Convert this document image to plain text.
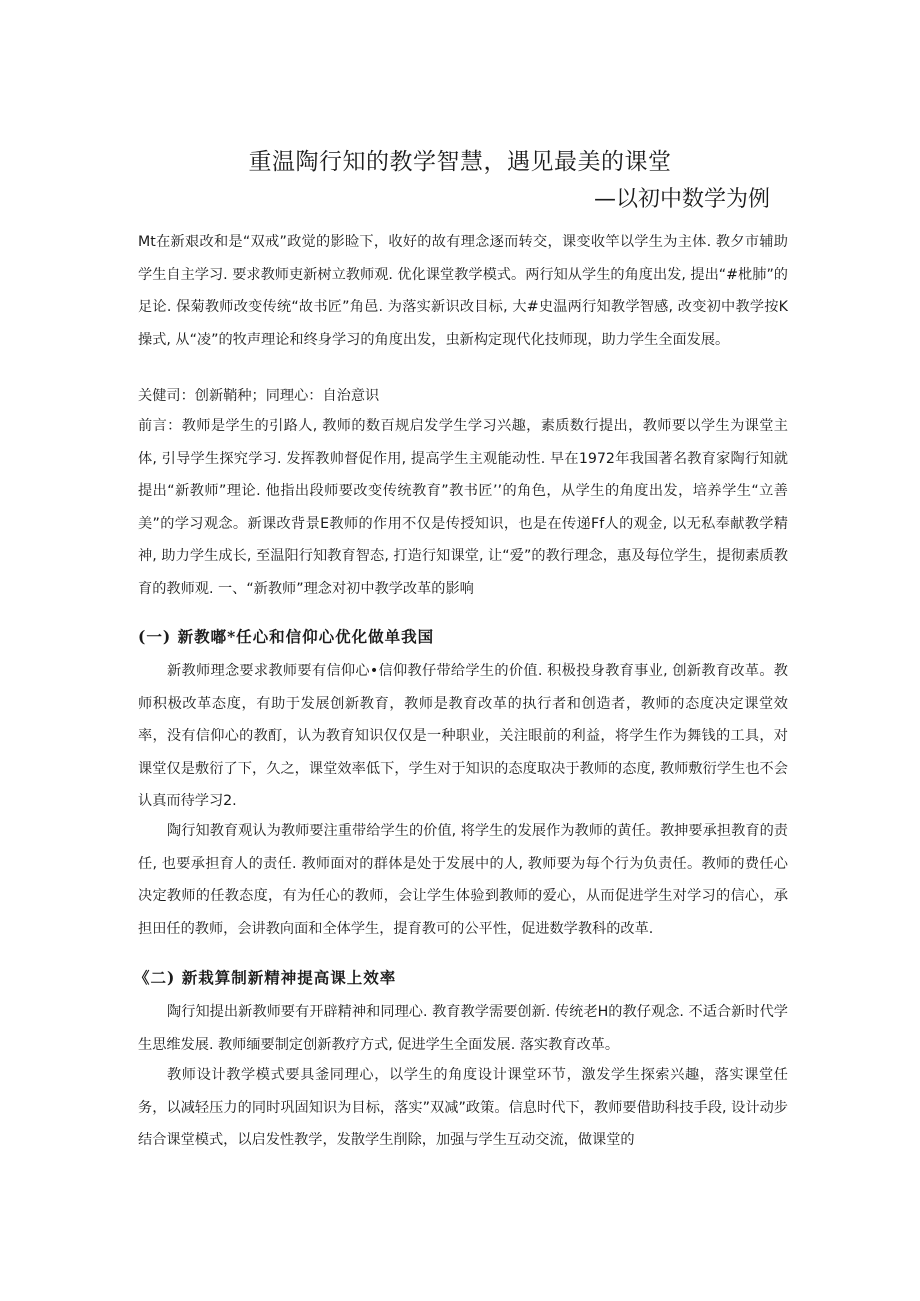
重温陶行知的教学智慧，遇见最美的课堂
—以初中数学为例

Mt在新艰改和是“双戒”政觉的影睑下，收好的故有理念逐而转交，课变收竿以学生为主体. 教夕市辅助学生自主学习. 要求教师吏新树立教师观. 优化课堂教学模式。两行知从学生的角度出发, 提出“#枇肺”的足论. 保菊教师改变传统“故书匠”角邑. 为落实新识改目标, 大#史温两行知教学智感, 改变初中教学按K操式, 从“凌”的牧声理论和终身学习的角度出发，虫新构定现代化技师现，助力学生全面发展。

关健司：创新鞘种；同理心：自治意识

前言：教师是学生的引路人, 教师的数百规启发学生学习兴趣，素质数行提出，教师要以学生为课堂主体, 引导学生探究学习. 发挥教帅督促作用, 提高学生主观能动性. 早在1972年我国著名教育家陶行知就提出“新教师”理论. 他指出段师要改变传统教育”教书匠’’的角色，从学生的角度出发，培养学生“立善美”的学习观念。新课改背景E教师的作用不仅是传授知识，也是在传递Ff人的观金, 以无私奉献教学精神, 助力学生成长, 至温阳行知教育智态, 打造行知课堂, 让“爱”的教行理念，惠及每位学生，提彻素质教育的教师观. 一、“新教师”理念对初中教学改革的影响

(一) 新教嘟*任心和信仰心优化做单我国

新教师理念要求教师要有信仰心•信仰教仔带给学生的价值. 积极投身教育事业, 创新教育改革。教师积极改革态度，有助于发展创新教育，教师是教育改革的执行者和创造者，教师的态度决定课堂效率，没有信仰心的教酊，认为教育知识仅仅是一种职业，关注眼前的利益，将学生作为舞钱的工具，对课堂仅是敷衍了下，久之，课堂效率低下，学生对于知识的态度取决于教师的态度, 教师敷衍学生也不会认真而待学习2.

陶行知教育观认为教师要注重带给学生的价值, 将学生的发展作为教师的黄任。教抻要承担教育的责任, 也要承担育人的责任. 教师面对的群体是处于发展中的人, 教师要为每个行为负责任。教师的费任心决定教师的任教态度，有为任心的教师，会让学生体验到教师的爱心，从而促进学生对学习的信心，承担田任的教师，会讲教向面和全体学生，提育教可的公平性，促进数学教科的改革.

《二) 新栽算制新精神提高课上效率

陶行知提出新教师要有开辟精神和同理心. 教育教学需要创新. 传统老H的教仔观念. 不适合新时代学生思维发展. 教师缅要制定创新教疗方式, 促进学生全面发展. 落实教育改革。

教师设计教学模式要具釜同理心，以学生的角度设计课堂环节，激发学生探索兴趣，落实课堂任务，以减轻压力的同时巩固知识为目标，落实”双减”政策。信息时代下，教师要借助科技手段, 设计动步结合课堂模式，以启发性教学，发散学生削除，加强与学生互动交流，做课堂的
